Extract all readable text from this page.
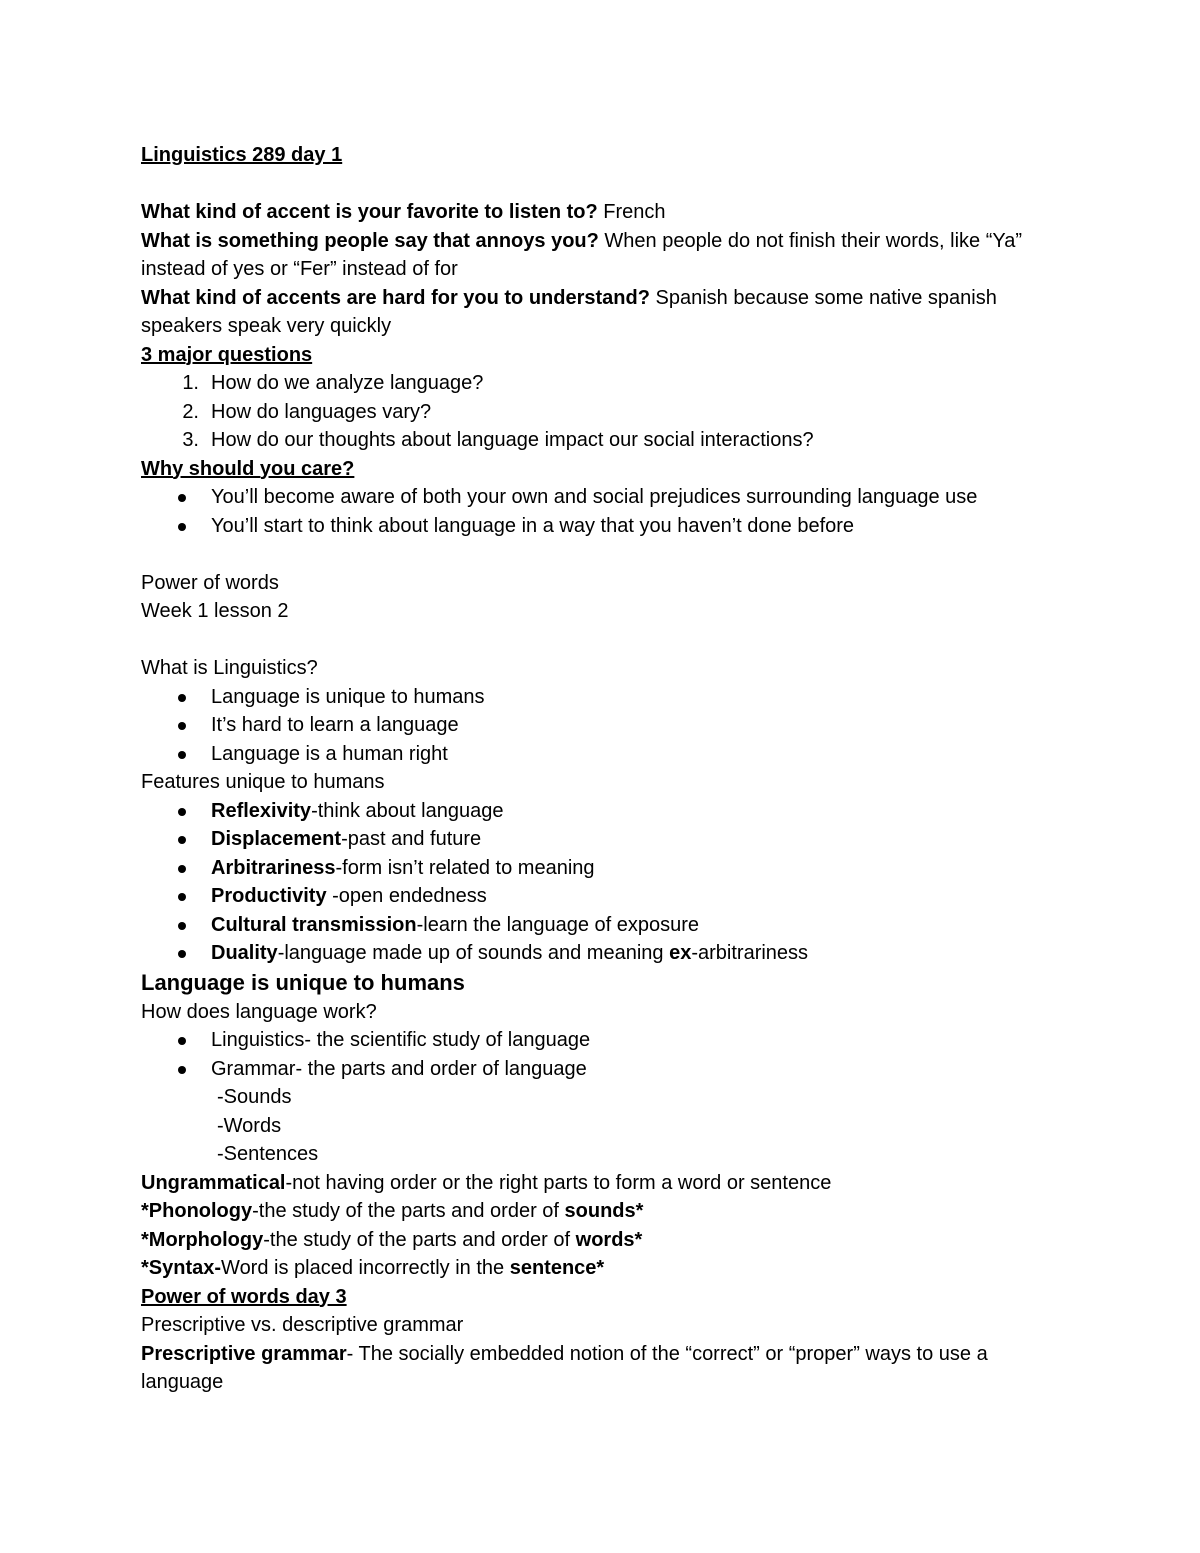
Linguistics 289 day 1

What kind of accent is your favorite to listen to? French

What is something people say that annoys you? When people do not finish their words, like “Ya” instead of yes or “Fer” instead of for

What kind of accents are hard for you to understand? Spanish because some native spanish speakers speak very quickly

3 major questions

1. How do we analyze language?
2. How do languages vary?
3. How do our thoughts about language impact our social interactions?

Why should you care?

You’ll become aware of both your own and social prejudices surrounding language use
You’ll start to think about language in a way that you haven’t done before

Power of words

Week 1 lesson 2

What is Linguistics?

Language is unique to humans
It’s hard to learn a language
Language is a human right

Features unique to humans

Reflexivity-think about language
Displacement-past and future
Arbitrariness-form isn’t related to meaning
Productivity -open endedness
Cultural transmission-learn the language of exposure
Duality-language made up of sounds and meaning ex-arbitrariness

Language is unique to humans

How does language work?

Linguistics- the scientific study of language
Grammar- the parts and order of language

-Sounds

-Words

-Sentences

Ungrammatical-not having order or the right parts to form a word or sentence

*Phonology-the study of the parts and order of sounds*

*Morphology-the study of the parts and order of words*

*Syntax-Word is placed incorrectly in the sentence*

Power of words day 3

Prescriptive vs. descriptive grammar

Prescriptive grammar- The socially embedded notion of the “correct” or “proper” ways to use a language
